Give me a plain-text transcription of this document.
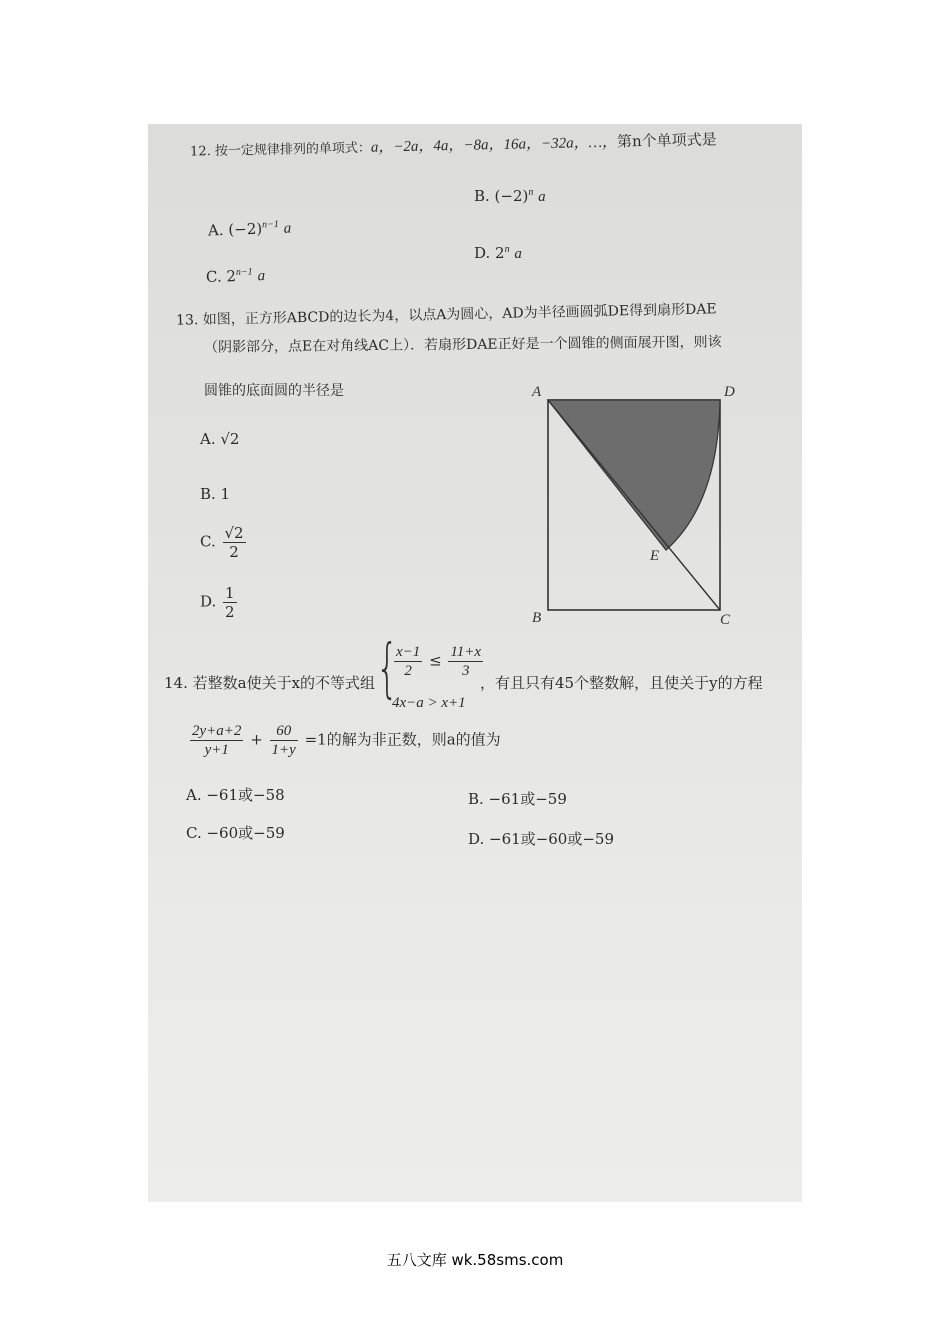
12. 按一定规律排列的单项式：a，−2a，4a，−8a，16a，−32a，…，第n个单项式是
B. $(-2)^n$ a
A. $(-2)^{n-1}$ a
D. 2$^n$ a
C. $2^{n-1}$ a
13. 如图，正方形ABCD的边长为4，以点A为圆心，AD为半径画圆弧DE得到扇形DAE
（阴影部分，点E在对角线AC上）．若扇形DAE正好是一个圆锥的侧面展开图，则该
圆锥的底面圆的半径是
A. √2
B. 1
C. $\frac{√2}{2}$
D. $\frac{1}{2}$
A	D
E
B	C
14. 若整数a使关于x的不等式组 {
$\frac{x-1}{2} \le \frac{11+x}{3}$
4x−a > x+1
，有且只有45个整数解，且使关于y的方程
$\frac{2y+a+2}{y+1} + \frac{60}{1+y} =1$的解为非正数，则a的值为
A. −61或−58	B. −61或−59
C. −60或−59	D. −61或−60或−59
五八文库 wk.58sms.com
